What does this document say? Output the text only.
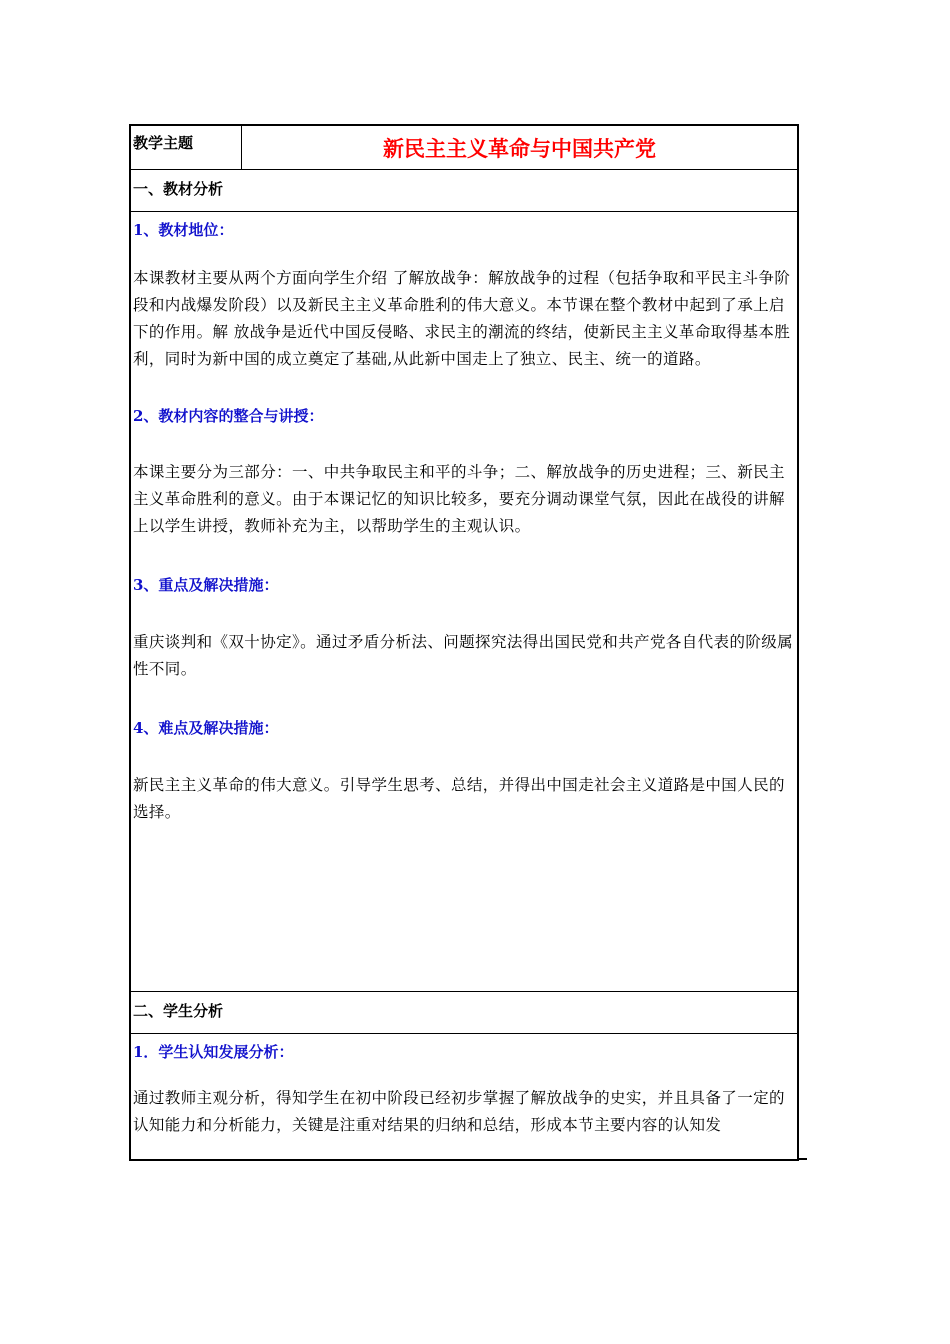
教学主题	新民主主义革命与中国共产党
一、教材分析
1、教材地位：
本课教材主要从两个方面向学生介绍 了解放战争：解放战争的过程（包括争取和平民主斗争阶段和内战爆发阶段）以及新民主主义革命胜利的伟大意义。本节课在整个教材中起到了承上启下的作用。解 放战争是近代中国反侵略、求民主的潮流的终结，使新民主主义革命取得基本胜利，同时为新中国的成立奠定了基础,从此新中国走上了独立、民主、统一的道路。
2、教材内容的整合与讲授：
本课主要分为三部分：一、中共争取民主和平的斗争；二、解放战争的历史进程；三、新民主主义革命胜利的意义。由于本课记忆的知识比较多，要充分调动课堂气氛，因此在战役的讲解上以学生讲授，教师补充为主，以帮助学生的主观认识。
3、重点及解决措施：
重庆谈判和《双十协定》。通过矛盾分析法、问题探究法得出国民党和共产党各自代表的阶级属性不同。
4、难点及解决措施：
新民主主义革命的伟大意义。引导学生思考、总结，并得出中国走社会主义道路是中国人民的选择。
二、学生分析
1．学生认知发展分析：
通过教师主观分析，得知学生在初中阶段已经初步掌握了解放战争的史实，并且具备了一定的认知能力和分析能力，关键是注重对结果的归纳和总结，形成本节主要内容的认知发
